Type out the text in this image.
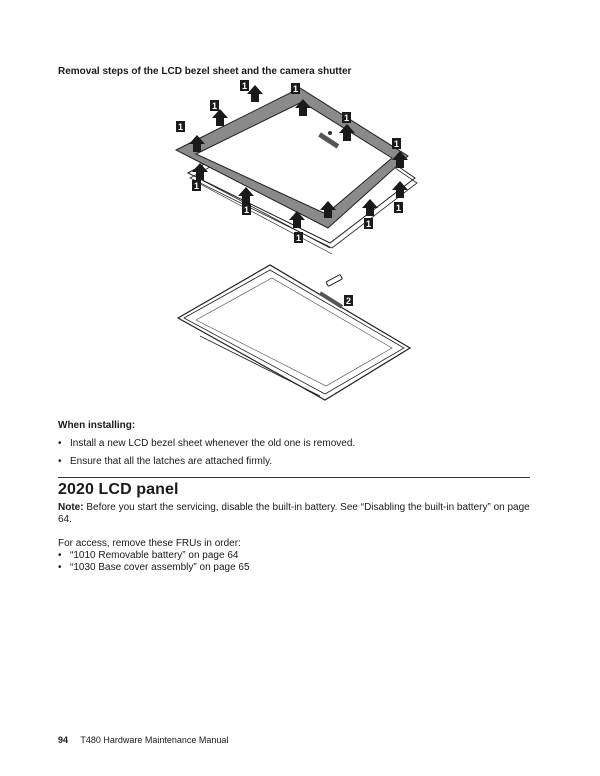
Removal steps of the LCD bezel sheet and the camera shutter
1	1
1
1
1
1
1
1
1
1
1
2
When installing:
• Install a new LCD bezel sheet whenever the old one is removed.
• Ensure that all the latches are attached firmly.
2020 LCD panel
Note: Before you start the servicing, disable the built-in battery. See “Disabling the built-in battery” on page 64.
For access, remove these FRUs in order:
• “1010 Removable battery” on page 64
• “1030 Base cover assembly” on page 65
94 T480 Hardware Maintenance Manual
